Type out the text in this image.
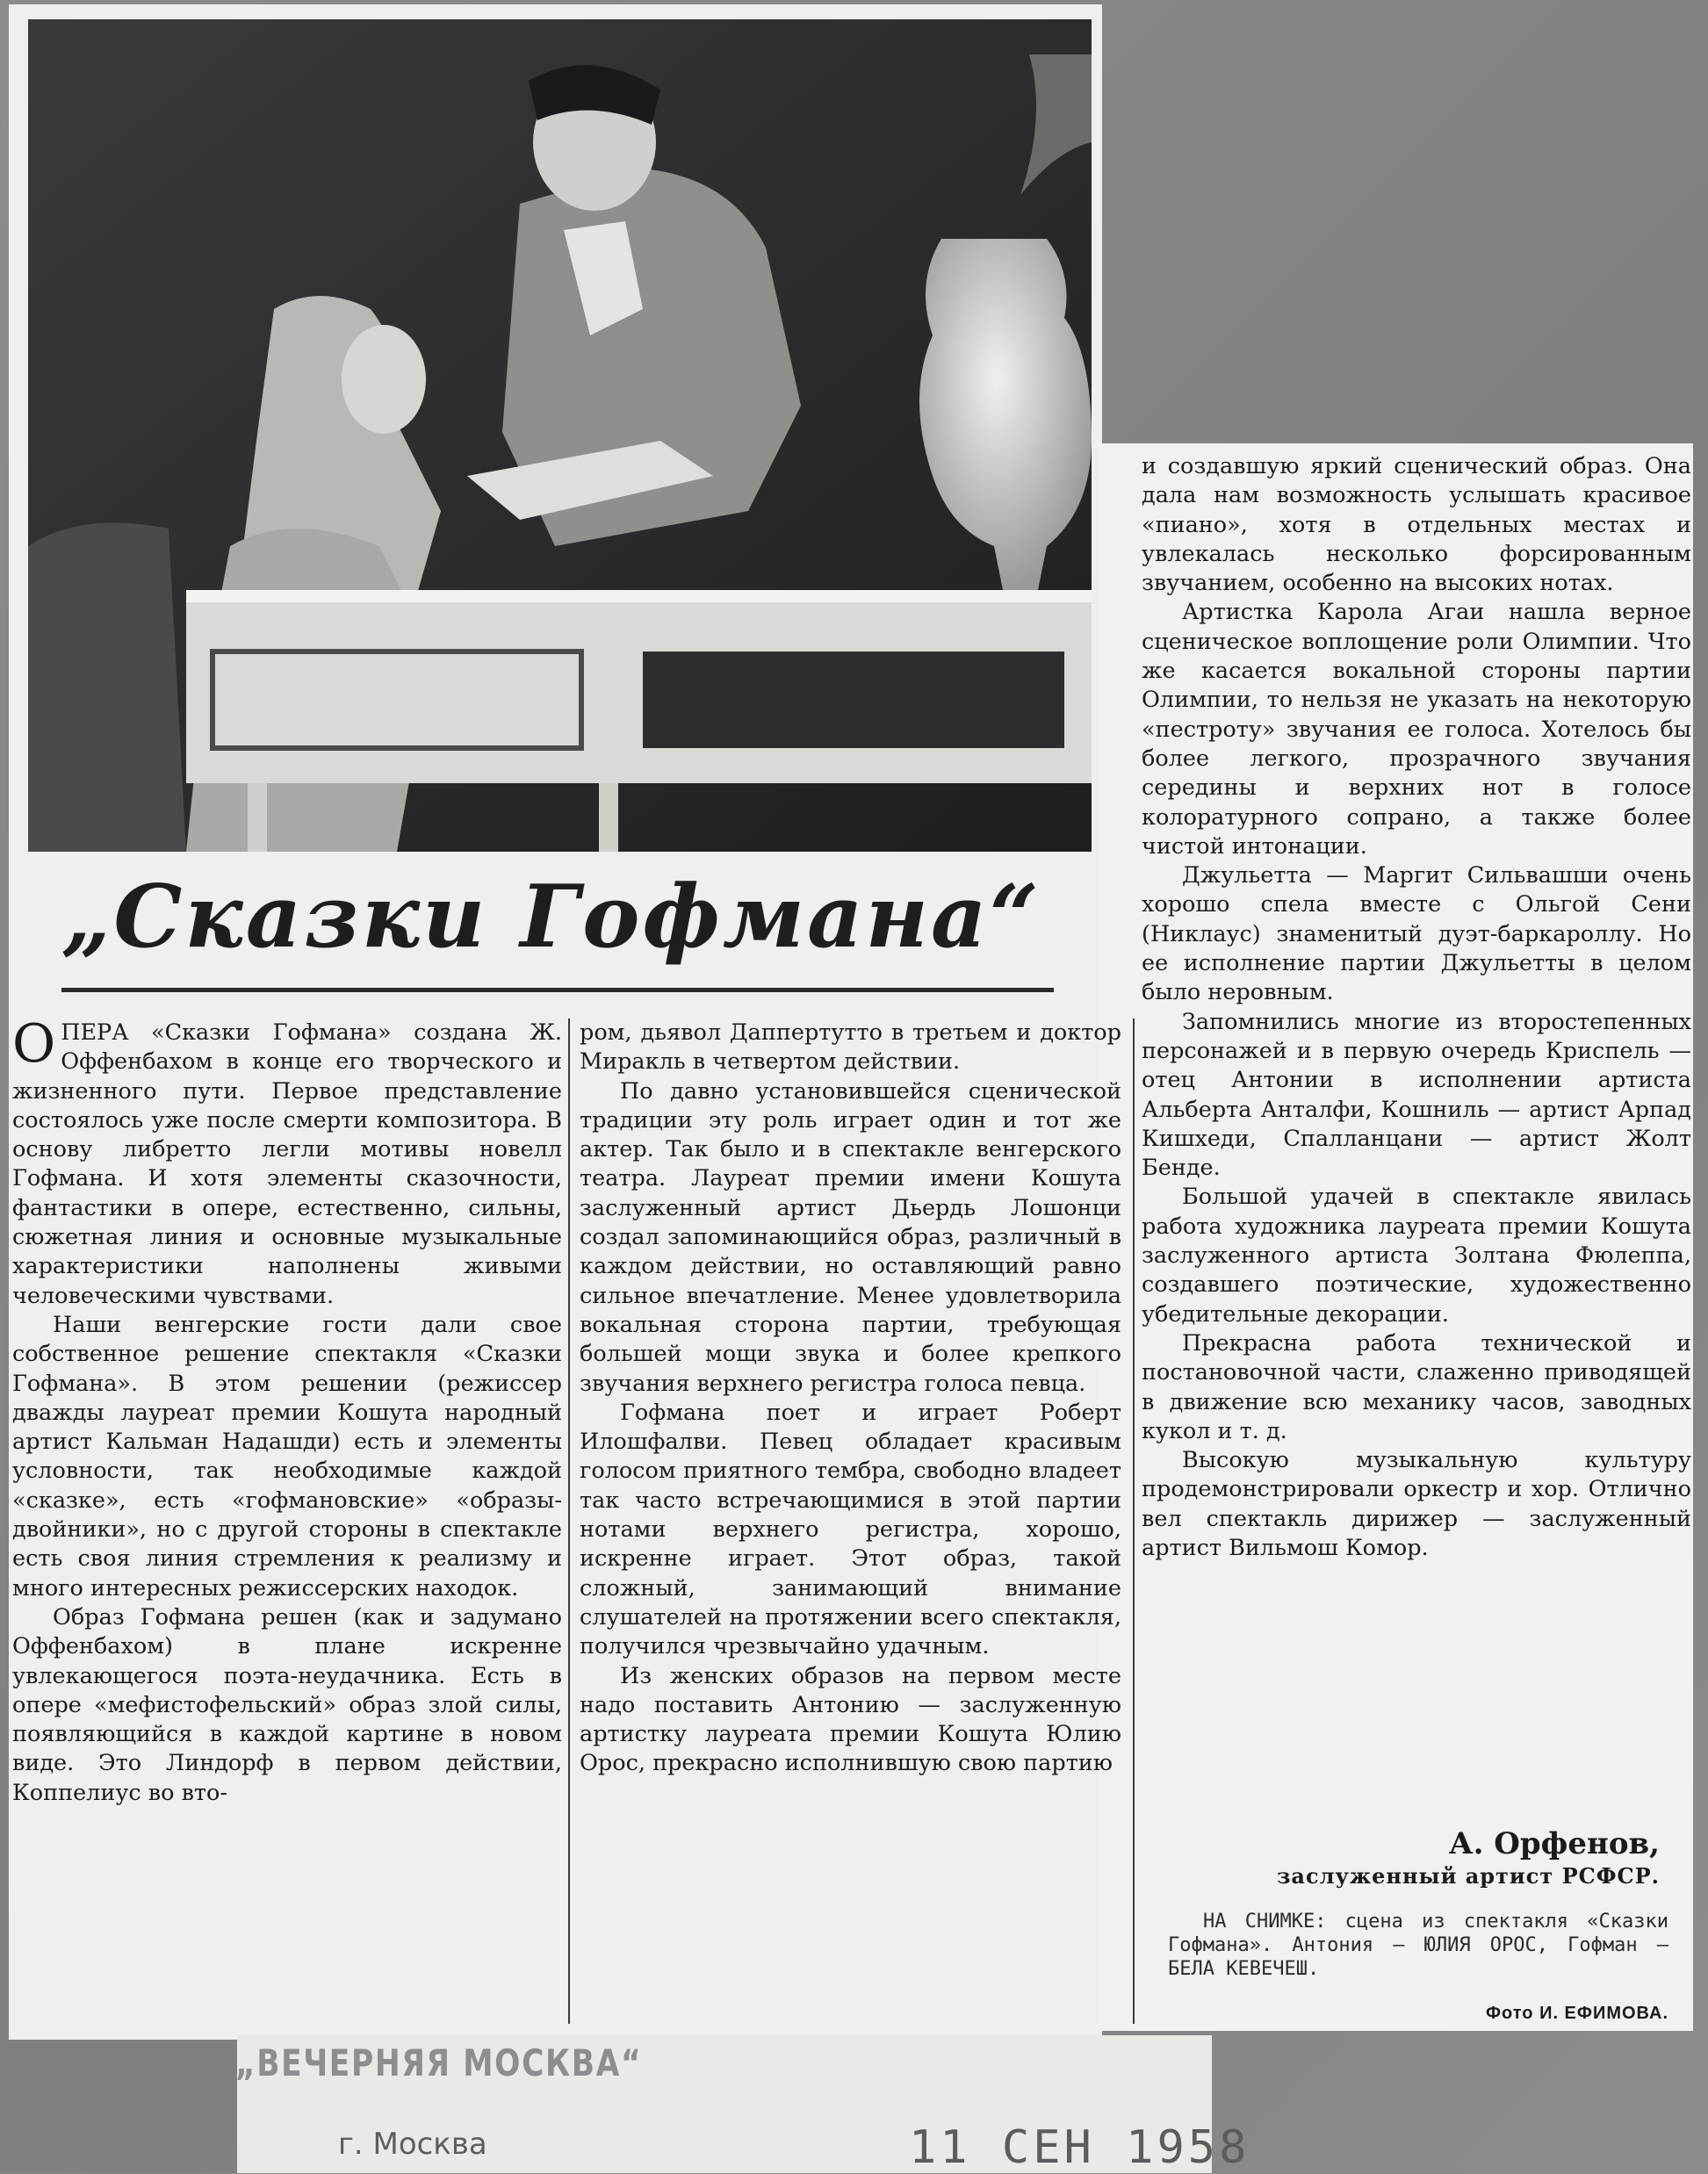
„Сказки Гофмана“

ОПЕРА «Сказки Гофмана» создана Ж. Оффенбахом в конце его творческого и жизненного пути. Первое представление состоялось уже после смерти композитора. В основу либретто легли мотивы новелл Гофмана. И хотя элементы сказочности, фантастики в опере, естественно, сильны, сюжетная линия и основные музыкальные характеристики наполнены живыми человеческими чувствами.

Наши венгерские гости дали свое собственное решение спектакля «Сказки Гофмана». В этом решении (режиссер дважды лауреат премии Кошута народный артист Кальман Надашди) есть и элементы условности, так необходимые каждой «сказке», есть «гофмановские» «образы-двойники», но с другой стороны в спектакле есть своя линия стремления к реализму и много интересных режиссерских находок.

Образ Гофмана решен (как и задумано Оффенбахом) в плане искренне увлекающегося поэта-неудачника. Есть в опере «мефистофельский» образ злой силы, появляющийся в каждой картине в новом виде. Это Линдорф в первом действии, Коппелиус во вто-

ром, дьявол Даппертутто в третьем и доктор Миракль в четвертом действии.

По давно установившейся сценической традиции эту роль играет один и тот же актер. Так было и в спектакле венгерского театра. Лауреат премии имени Кошута заслуженный артист Дьердь Лошонци создал запоминающийся образ, различный в каждом действии, но оставляющий равно сильное впечатление. Менее удовлетворила вокальная сторона партии, требующая большей мощи звука и более крепкого звучания верхнего регистра голоса певца.

Гофмана поет и играет Роберт Илошфалви. Певец обладает красивым голосом приятного тембра, свободно владеет так часто встречающимися в этой партии нотами верхнего регистра, хорошо, искренне играет. Этот образ, такой сложный, занимающий внимание слушателей на протяжении всего спектакля, получился чрезвычайно удачным.

Из женских образов на первом месте надо поставить Антонию — заслуженную артистку лауреата премии Кошута Юлию Орос, прекрасно исполнившую свою партию

и создавшую яркий сценический образ. Она дала нам возможность услышать красивое «пиано», хотя в отдельных местах и увлекалась несколько форсированным звучанием, особенно на высоких нотах.

Артистка Карола Агаи нашла верное сценическое воплощение роли Олимпии. Что же касается вокальной стороны партии Олимпии, то нельзя не указать на некоторую «пестроту» звучания ее голоса. Хотелось бы более легкого, прозрачного звучания середины и верхних нот в голосе колоратурного сопрано, а также более чистой интонации.

Джульетта — Маргит Сильвашши очень хорошо спела вместе с Ольгой Сени (Никлаус) знаменитый дуэт-баркароллу. Но ее исполнение партии Джульетты в целом было неровным.

Запомнились многие из второстепенных персонажей и в первую очередь Криспель — отец Антонии в исполнении артиста Альберта Анталфи, Кошниль — артист Арпад Кишхеди, Спалланцани — артист Жолт Бенде.

Большой удачей в спектакле явилась работа художника лауреата премии Кошута заслуженного артиста Золтана Фюлеппа, создавшего поэтические, художественно убедительные декорации.

Прекрасна работа технической и постановочной части, слаженно приводящей в движение всю механику часов, заводных кукол и т. д.

Высокую музыкальную культуру продемонстрировали оркестр и хор. Отлично вел спектакль дирижер — заслуженный артист Вильмош Комор.

А. Орфенов,
заслуженный артист РСФСР.
НА СНИМКЕ: сцена из спектакля «Сказки Гофмана». Антония — ЮЛИЯ ОРОС, Гофман — БЕЛА КЕВЕЧЕШ.
Фото И. ЕФИМОВА.
„ВЕЧЕРНЯЯ МОСКВА“
г. Москва	11 СЕН 1958
